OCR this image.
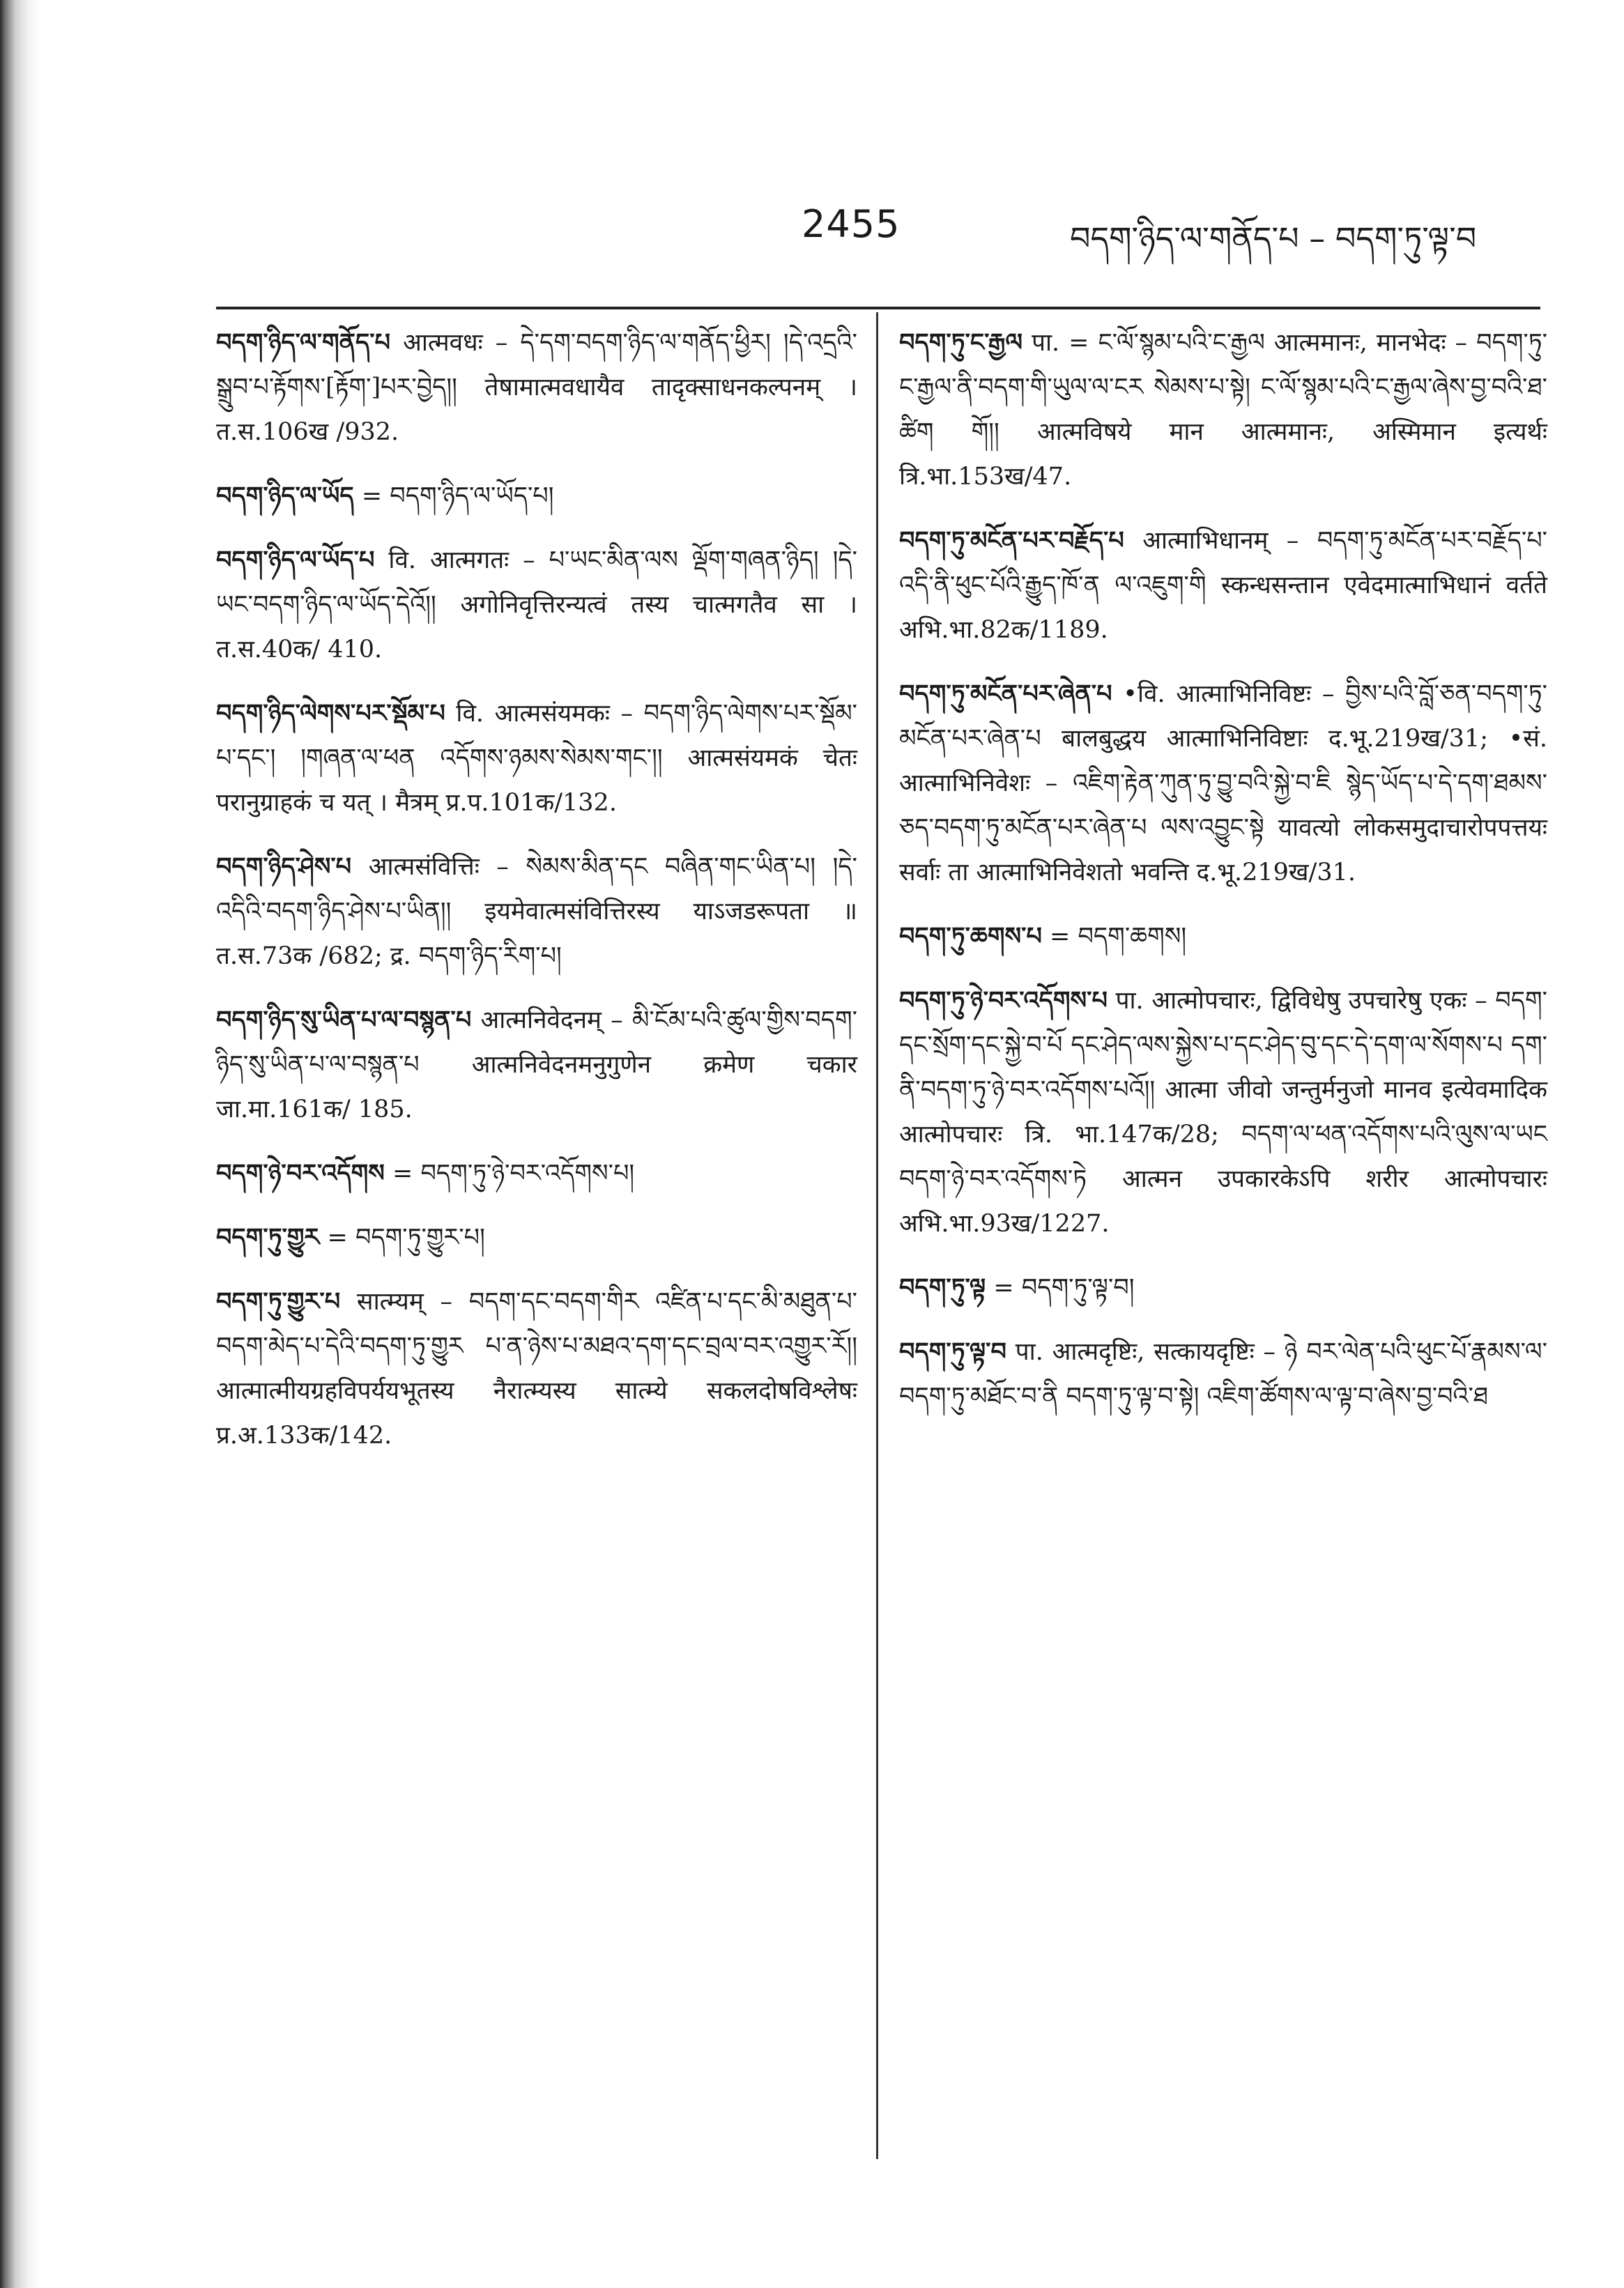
2455	བདག་ཉིད་ལ་གནོད་པ – བདག་ཏུ་ལྟ་བ
བདག་ཉིད་ལ་གནོད་པ आत्मवधः – དེ་དག་བདག་ཉིད་ལ་གནོད་ཕྱིར། །དེ་འདྲའི་སྒྲུབ་པ་རྟོགས་[རྟོག་]པར་བྱེད།། तेषामात्मवधायैव तादृक्साधनकल्पनम् । त.स.106ख /932.
བདག་ཉིད་ལ་ཡོད = བདག་ཉིད་ལ་ཡོད་པ།
བདག་ཉིད་ལ་ཡོད་པ वि. आत्मगतः – པ་ཡང་མིན་ལས ལྡོག་གཞན་ཉིད། །དེ་ཡང་བདག་ཉིད་ལ་ཡོད་དེའོ།། अगोनिवृत्तिरन्यत्वं तस्य चात्मगतैव सा । त.स.40क/ 410.
བདག་ཉིད་ལེགས་པར་སྡོམ་པ वि. आत्मसंयमकः – བདག་ཉིད་ལེགས་པར་སྡོམ་པ་དང་། །གཞན་ལ་ཕན འདོགས་ཉམས་སེམས་གང་།། आत्मसंयमकं चेतः परानुग्राहकं च यत् । मैत्रम् प्र.प.101क/132.
བདག་ཉིད་ཤེས་པ आत्मसंवित्तिः – སེམས་མིན་དང བཞིན་གང་ཡིན་པ། །དེ་འདིའི་བདག་ཉིད་ཤེས་པ་ཡིན།། इयमेवात्मसंवित्तिरस्य याऽजडरूपता ॥ त.स.73क /682; द्र. བདག་ཉིད་རིག་པ།
བདག་ཉིད་སུ་ཡིན་པ་ལ་བསྙན་པ आत्मनिवेदनम् – མི་ངོམ་པའི་ཚུལ་གྱིས་བདག་ཉིད་སུ་ཡིན་པ་ལ་བསྙན་པ आत्मनिवेदनमनुगुणेन क्रमेण चकार जा.मा.161क/ 185.
བདག་ཉེ་བར་འདོགས = བདག་ཏུ་ཉེ་བར་འདོགས་པ།
བདག་ཏུ་གྱུར = བདག་ཏུ་གྱུར་པ།
བདག་ཏུ་གྱུར་པ सात्म्यम् – བདག་དང་བདག་གིར འཛིན་པ་དང་མི་མཐུན་པ་བདག་མེད་པ་དེའི་བདག་ཏུ་གྱུར པ་ན་ཉེས་པ་མཐའ་དག་དང་བྲལ་བར་འགྱུར་རོ།། आत्मात्मीयग्रहविपर्ययभूतस्य नैरात्म्यस्य सात्म्ये सकलदोषविश्लेषः प्र.अ.133क/142.
བདག་ཏུ་ང་རྒྱལ पा. = ང་ལོ་སྙམ་པའི་ང་རྒྱལ आत्ममानः, मानभेदः – བདག་ཏུ་ང་རྒྱལ་ནི་བདག་གི་ཡུལ་ལ་ངར སེམས་པ་སྟེ། ང་ལོ་སྙམ་པའི་ང་རྒྱལ་ཞེས་བྱ་བའི་ཐ་ཚིག གོ།། आत्मविषये मान आत्ममानः, अस्मिमान इत्यर्थः त्रि.भा.153ख/47.
བདག་ཏུ་མངོན་པར་བརྗོད་པ आत्माभिधानम् – བདག་ཏུ་མངོན་པར་བརྗོད་པ་འདི་ནི་ཕུང་པོའི་རྒྱུད་ཁོ་ན ལ་འཇུག་གི स्कन्धसन्तान एवेदमात्माभिधानं वर्तते अभि.भा.82क/1189.
བདག་ཏུ་མངོན་པར་ཞེན་པ •वि. आत्माभिनिविष्टः – བྱིས་པའི་བློ་ཅན་བདག་ཏུ་མངོན་པར་ཞེན་པ बालबुद्धय आत्माभिनिविष्टाः द.भू.219ख/31; •सं. आत्माभिनिवेशः – འཇིག་རྟེན་ཀུན་ཏུ་བྱུ་བའི་སྐྱེ་བ་ཇི སྙེད་ཡོད་པ་དེ་དག་ཐམས་ཅད་བདག་ཏུ་མངོན་པར་ཞེན་པ ལས་འབྱུང་སྟེ यावत्यो लोकसमुदाचारोपपत्तयः सर्वाः ता आत्माभिनिवेशतो भवन्ति द.भू.219ख/31.
བདག་ཏུ་ཆགས་པ = བདག་ཆགས།
བདག་ཏུ་ཉེ་བར་འདོགས་པ पा. आत्मोपचारः, द्विविधेषु उपचारेषु एकः – བདག་དང་སྲོག་དང་སྐྱེ་བ་པོ དང་ཤེད་ལས་སྐྱེས་པ་དང་ཤེད་བུ་དང་དེ་དག་ལ་སོགས་པ དག་ནི་བདག་ཏུ་ཉེ་བར་འདོགས་པའོ།། आत्मा जीवो जन्तुर्मनुजो मानव इत्येवमादिक आत्मोपचारः त्रि. भा.147क/28; བདག་ལ་ཕན་འདོགས་པའི་ལུས་ལ་ཡང བདག་ཉེ་བར་འདོགས་ཏེ आत्मन उपकारकेऽपि शरीर आत्मोपचारः अभि.भा.93ख/1227.
བདག་ཏུ་ལྟ = བདག་ཏུ་ལྟ་བ།
བདག་ཏུ་ལྟ་བ पा. आत्मदृष्टिः, सत्कायदृष्टिः – ཉེ བར་ལེན་པའི་ཕུང་པོ་རྣམས་ལ་བདག་ཏུ་མཐོང་བ་ནི བདག་ཏུ་ལྟ་བ་སྟེ། འཇིག་ཚོགས་ལ་ལྟ་བ་ཞེས་བྱ་བའི་ཐ
